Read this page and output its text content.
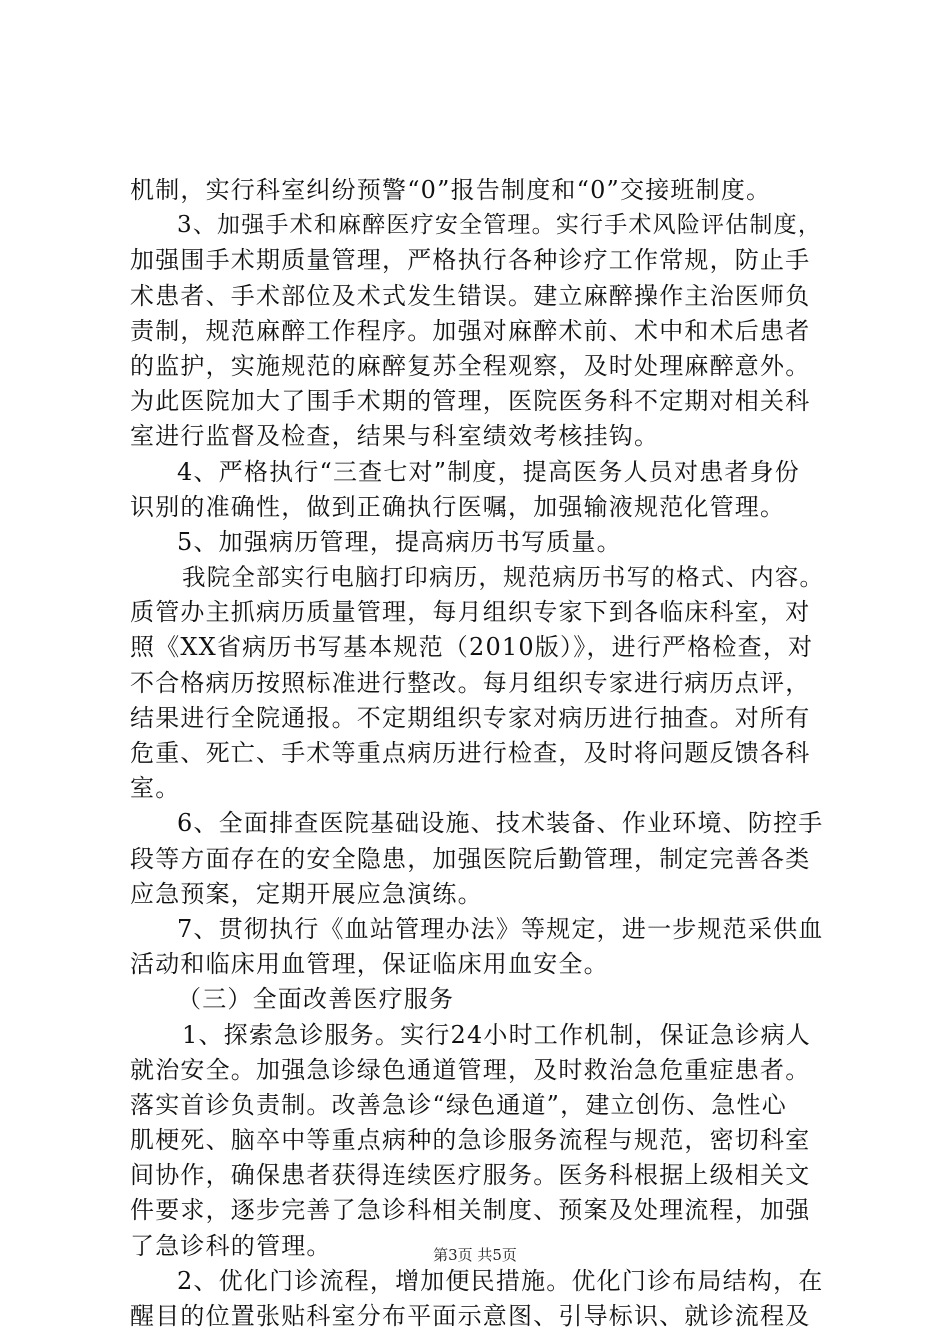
机制，实行科室纠纷预警“0”报告制度和“0”交接班制度。
3、加强手术和麻醉医疗安全管理。实行手术风险评估制度，
加强围手术期质量管理，严格执行各种诊疗工作常规，防止手
术患者、手术部位及术式发生错误。建立麻醉操作主治医师负
责制，规范麻醉工作程序。加强对麻醉术前、术中和术后患者
的监护，实施规范的麻醉复苏全程观察，及时处理麻醉意外。
为此医院加大了围手术期的管理，医院医务科不定期对相关科
室进行监督及检查，结果与科室绩效考核挂钩。
4、严格执行“三查七对”制度，提高医务人员对患者身份
识别的准确性，做到正确执行医嘱，加强输液规范化管理。
5、加强病历管理，提高病历书写质量。
我院全部实行电脑打印病历，规范病历书写的格式、内容。
质管办主抓病历质量管理，每月组织专家下到各临床科室，对
照《XX省病历书写基本规范（2010版）》，进行严格检查，对
不合格病历按照标准进行整改。每月组织专家进行病历点评，
结果进行全院通报。不定期组织专家对病历进行抽查。对所有
危重、死亡、手术等重点病历进行检查，及时将问题反馈各科
室。
6、全面排查医院基础设施、技术装备、作业环境、防控手
段等方面存在的安全隐患，加强医院后勤管理，制定完善各类
应急预案，定期开展应急演练。
7、贯彻执行《血站管理办法》等规定，进一步规范采供血
活动和临床用血管理，保证临床用血安全。
（三）全面改善医疗服务
1、探索急诊服务。实行24小时工作机制，保证急诊病人
就治安全。加强急诊绿色通道管理，及时救治急危重症患者。
落实首诊负责制。改善急诊“绿色通道”，建立创伤、急性心
肌梗死、脑卒中等重点病种的急诊服务流程与规范，密切科室
间协作，确保患者获得连续医疗服务。医务科根据上级相关文
件要求，逐步完善了急诊科相关制度、预案及处理流程，加强
了急诊科的管理。
2、优化门诊流程，增加便民措施。优化门诊布局结构，在
醒目的位置张贴科室分布平面示意图、引导标识、就诊流程及
第3页 共5页
